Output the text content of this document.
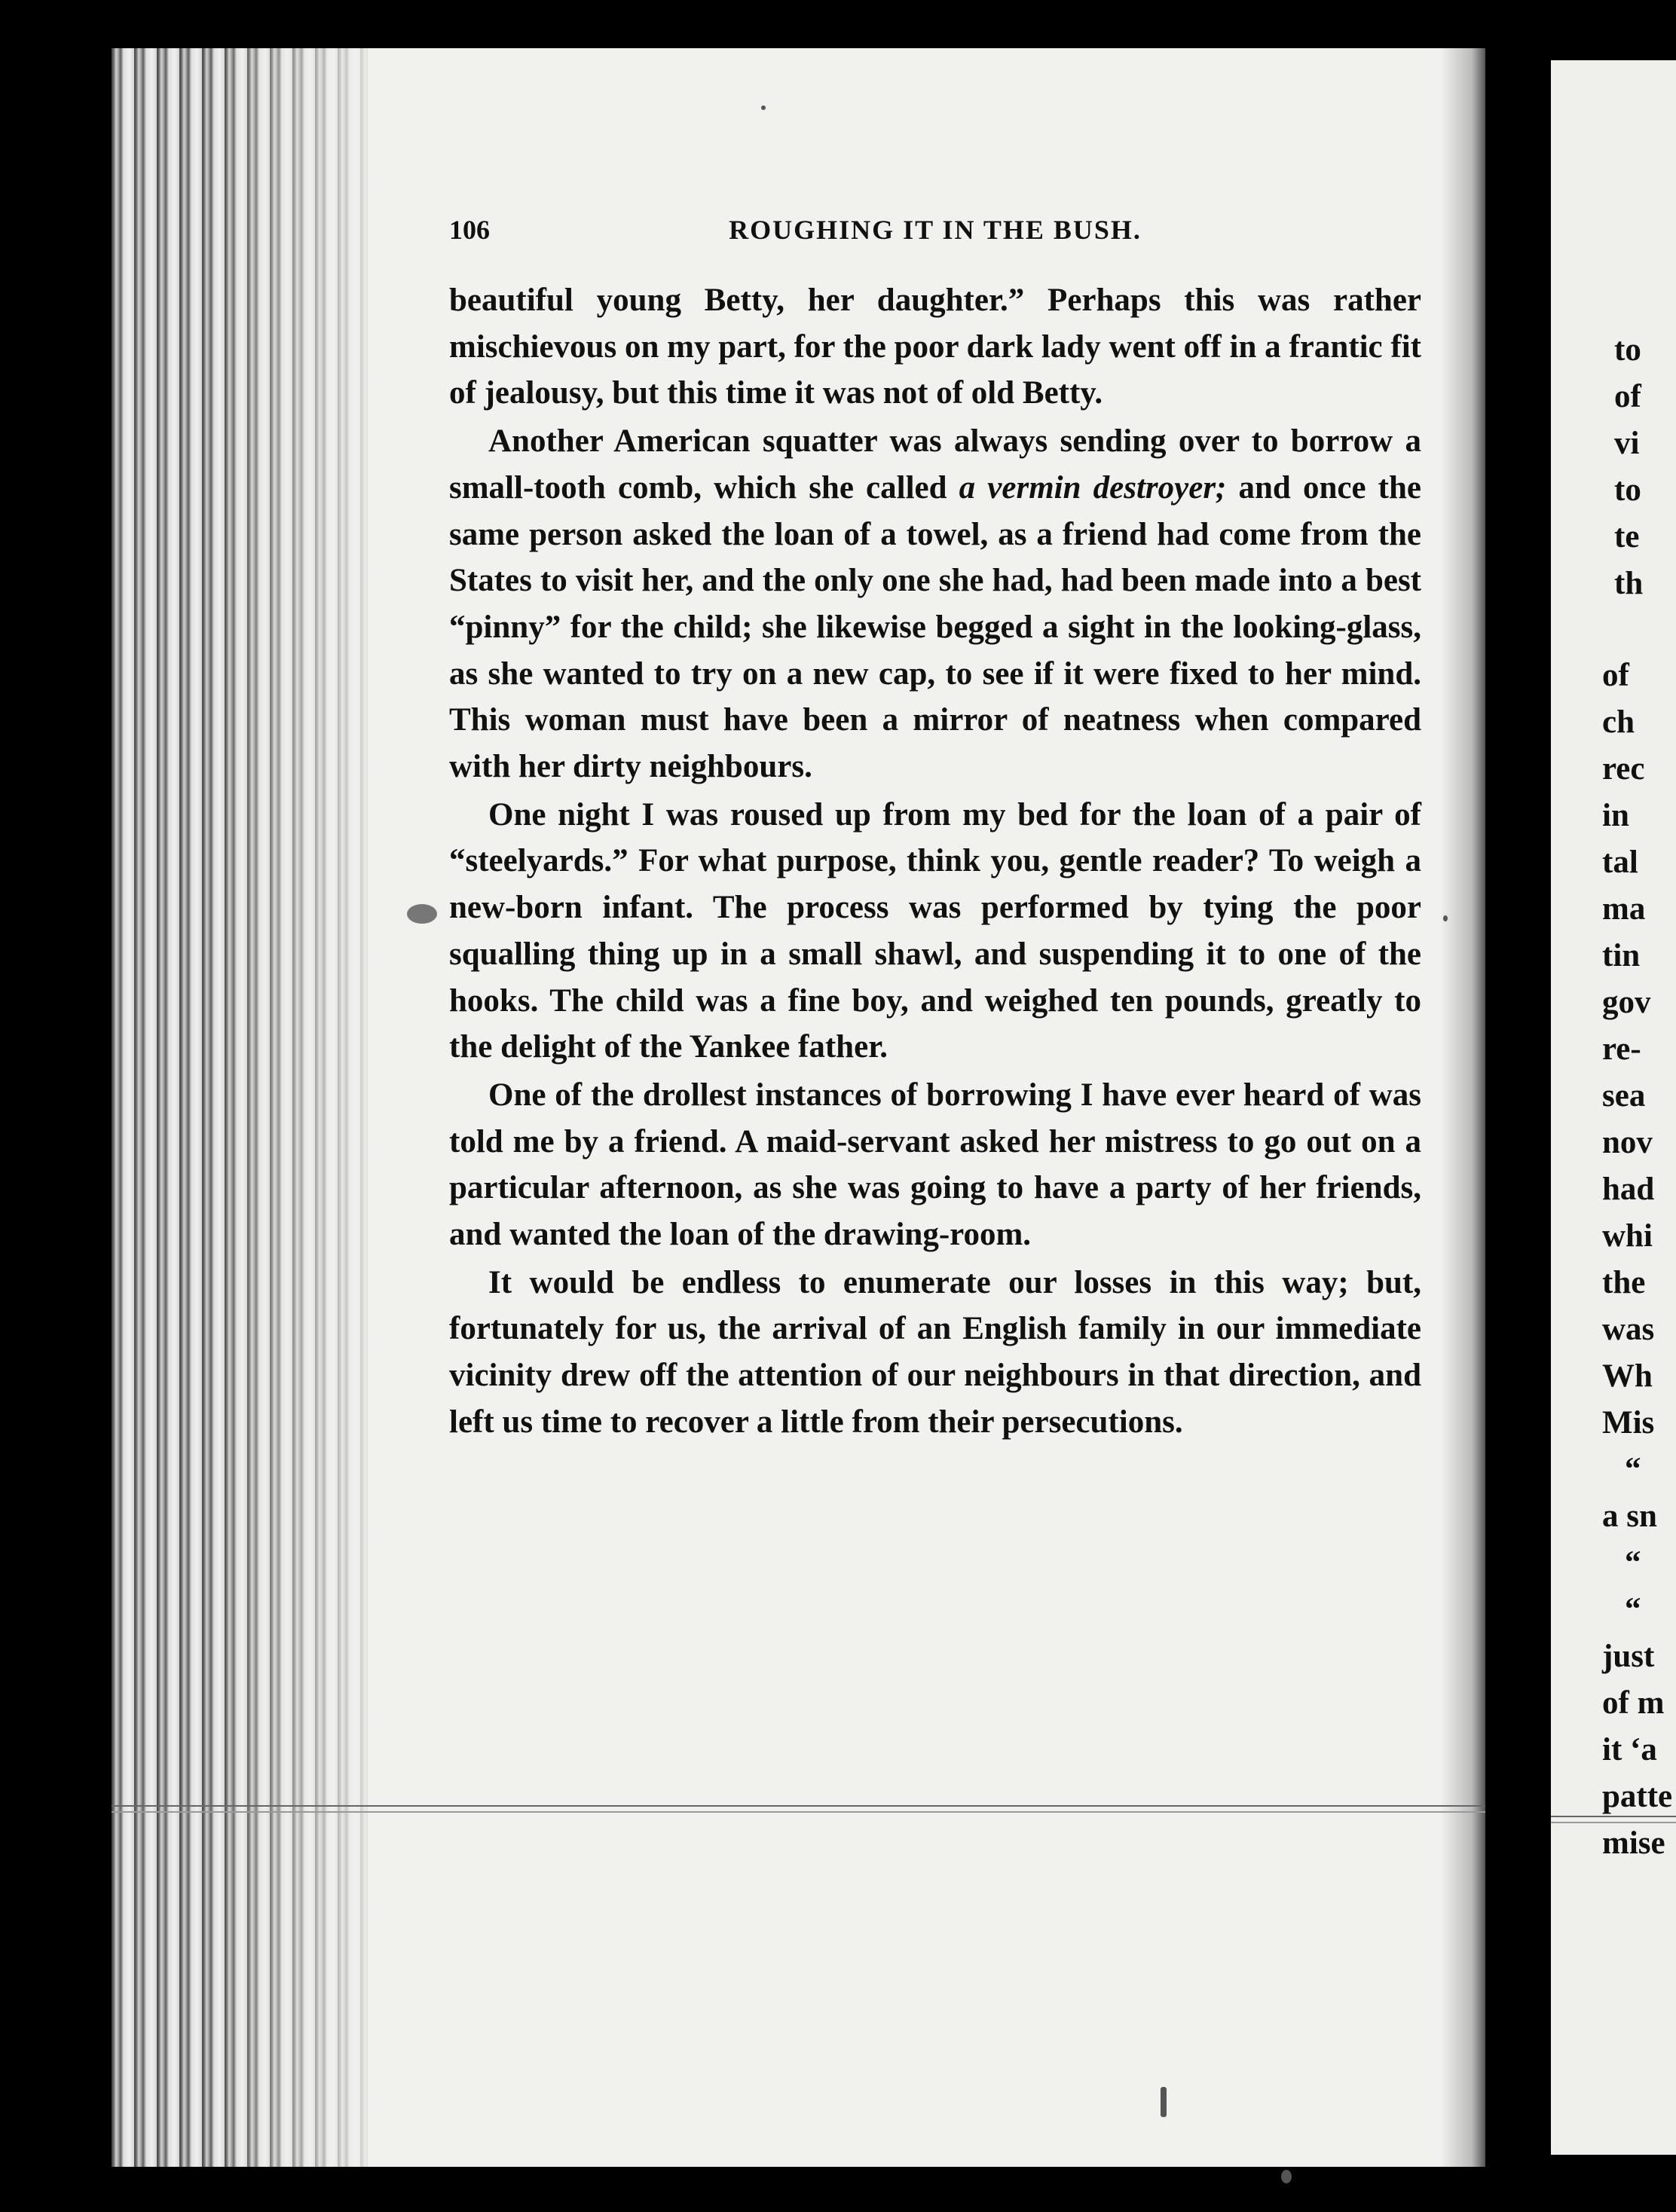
106	ROUGHING IT IN THE BUSH.

beautiful young Betty, her daughter.” Perhaps this was rather mischievous on my part, for the poor dark lady went off in a frantic fit of jealousy, but this time it was not of old Betty.

Another American squatter was always sending over to borrow a small-tooth comb, which she called a vermin destroyer; and once the same person asked the loan of a towel, as a friend had come from the States to visit her, and the only one she had, had been made into a best “pinny” for the child; she likewise begged a sight in the looking-glass, as she wanted to try on a new cap, to see if it were fixed to her mind. This woman must have been a mirror of neatness when compared with her dirty neighbours.

One night I was roused up from my bed for the loan of a pair of “steelyards.” For what purpose, think you, gentle reader? To weigh a new-born infant. The process was performed by tying the poor squalling thing up in a small shawl, and suspending it to one of the hooks. The child was a fine boy, and weighed ten pounds, greatly to the delight of the Yankee father.

One of the drollest instances of borrowing I have ever heard of was told me by a friend. A maid-servant asked her mistress to go out on a particular afternoon, as she was going to have a party of her friends, and wanted the loan of the drawing-room.

It would be endless to enumerate our losses in this way; but, fortunately for us, the arrival of an English family in our immediate vicinity drew off the attention of our neighbours in that direction, and left us time to recover a little from their persecutions.

to

of

vi

to

te

th

of

ch

rec

in

tal

ma

tin

gov

re-

sea

nov

had

whi

the

was

Wh

Mis

“

a sn

“

“

just

of m

it ‘a

patte

mise
